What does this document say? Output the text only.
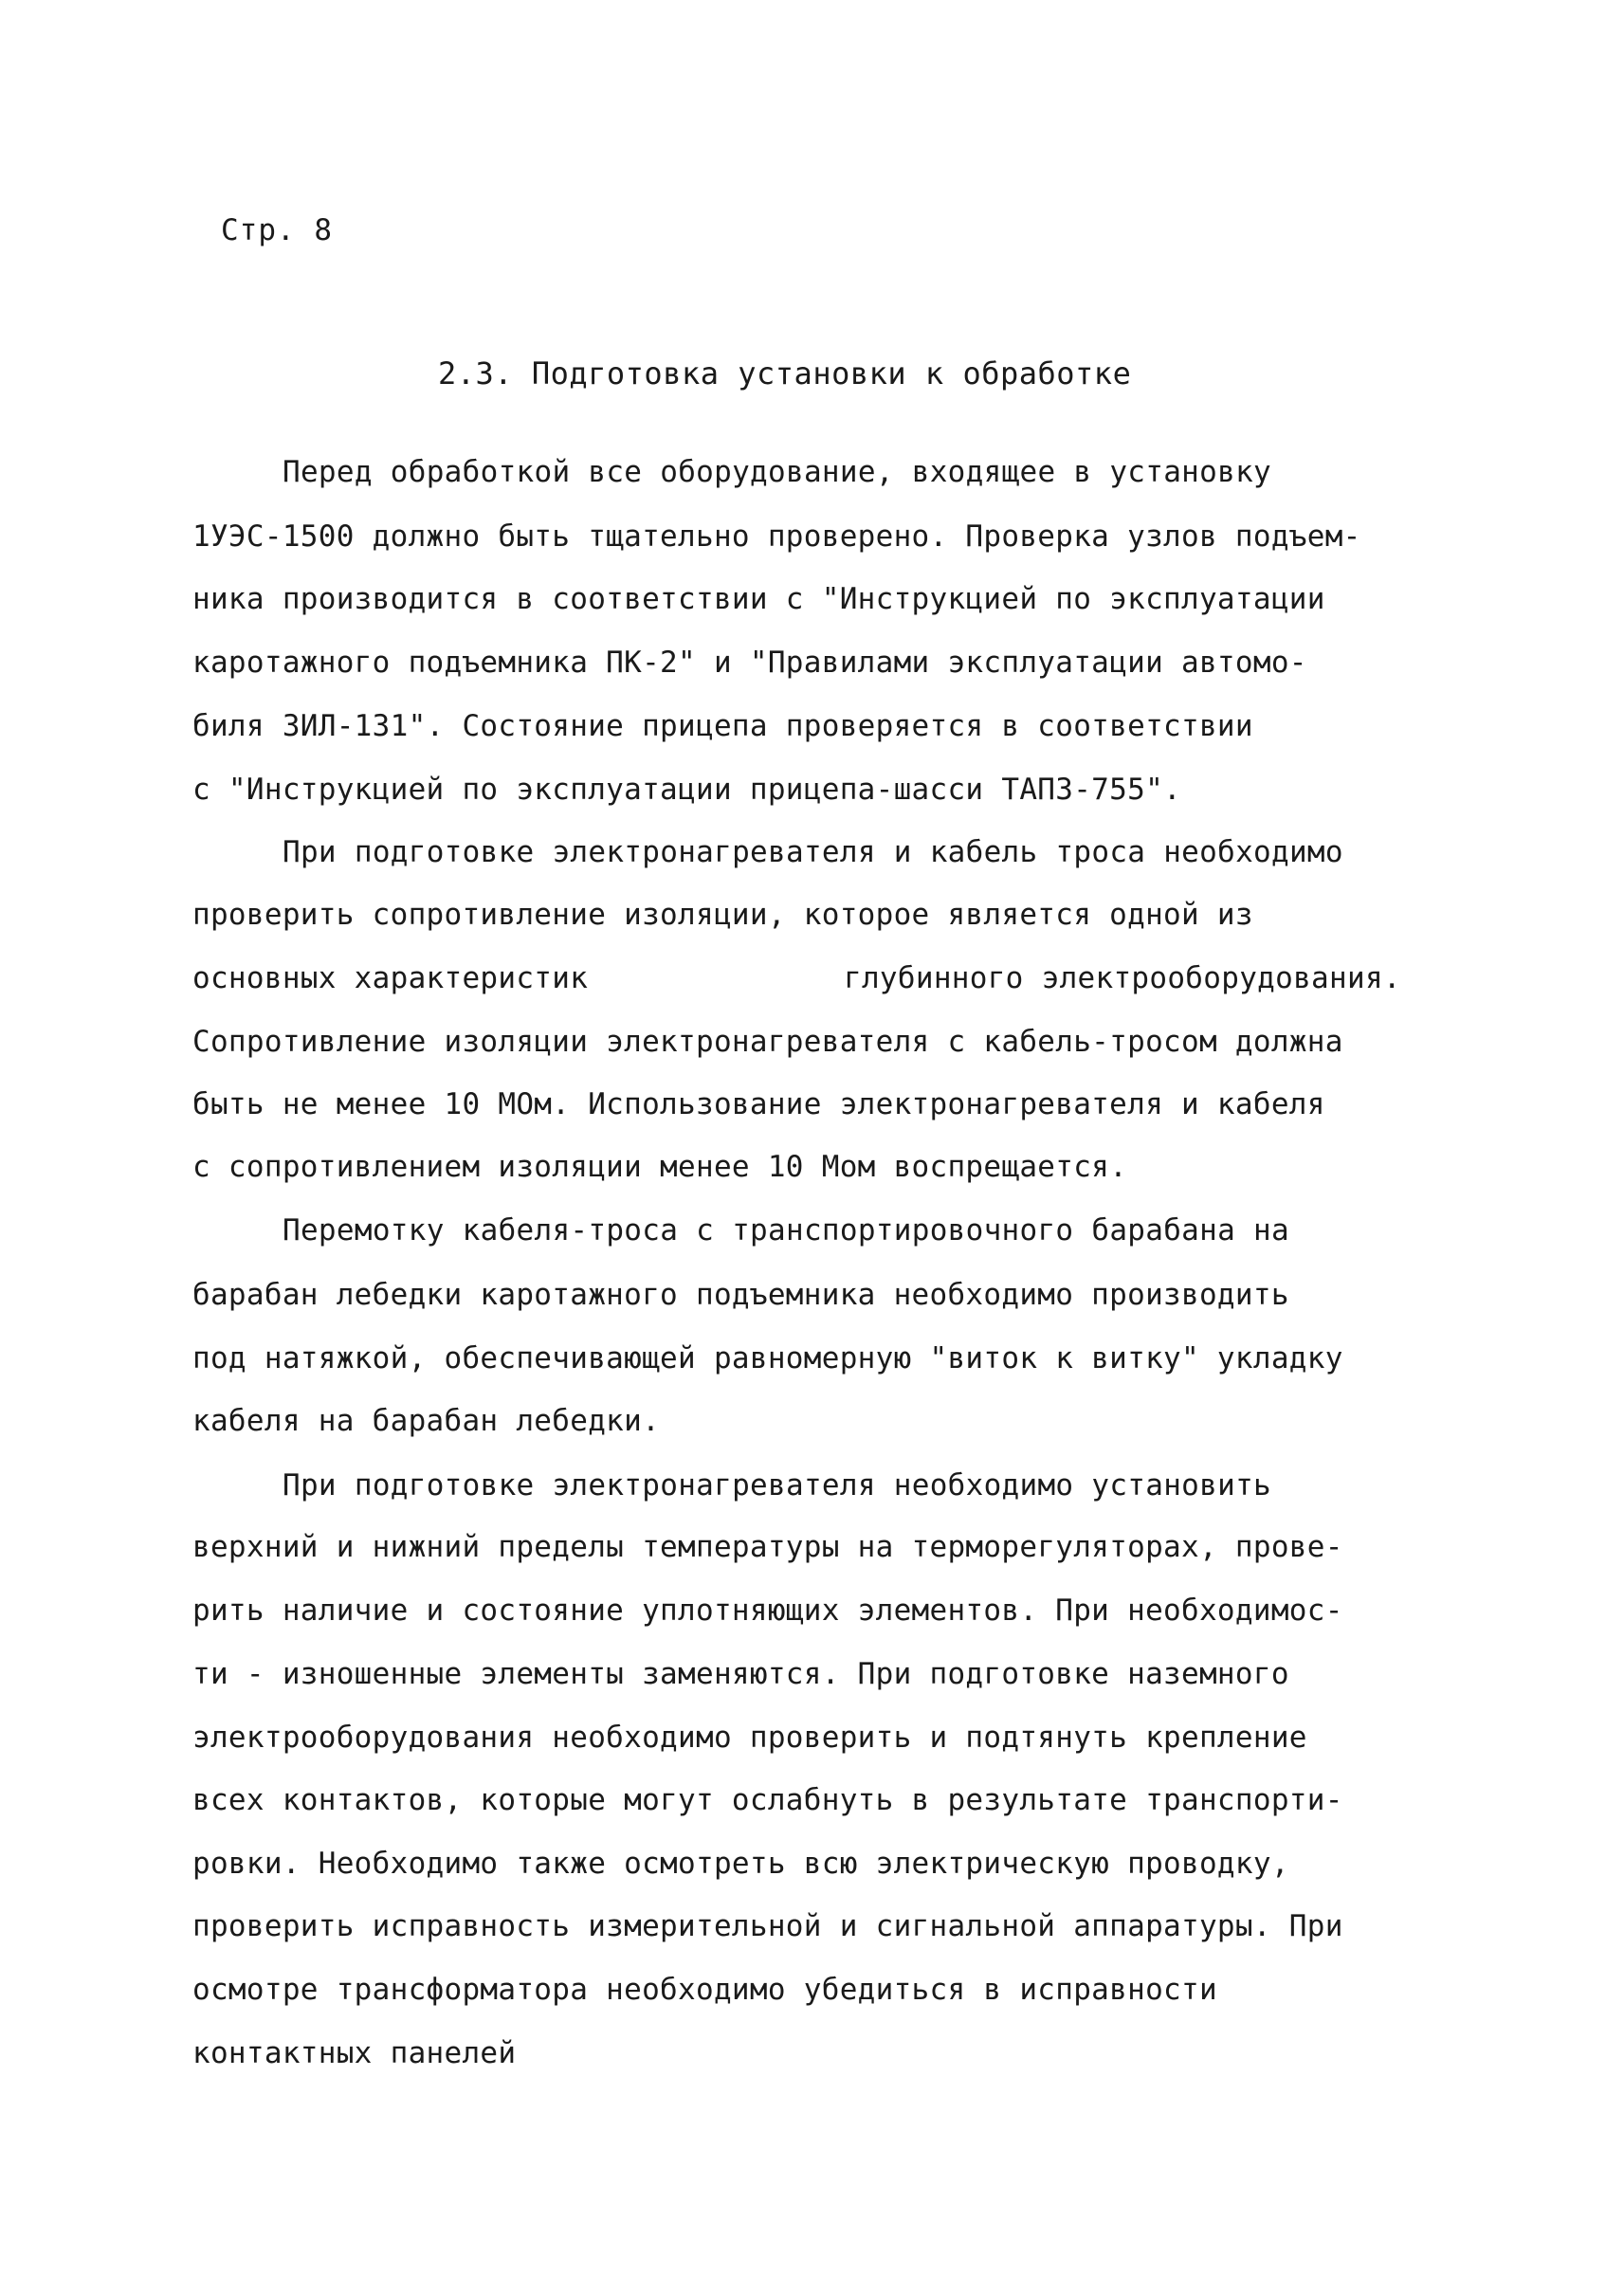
Стр. 8
2.3. Подготовка установки к обработке
Перед обработкой все оборудование, входящее в установку
1УЭС-1500 должно быть тщательно проверено. Проверка узлов подъем-
ника производится в соответствии с "Инструкцией по эксплуатации
каротажного подъемника ПК-2" и "Правилами эксплуатации автомо-
биля ЗИЛ-131". Состояние прицепа проверяется в соответствии
с "Инструкцией по эксплуатации прицепа-шасси ТАПЗ-755".
При подготовке электронагревателя и кабель троса необходимо
проверить сопротивление изоляции, которое является одной из
основных характеристик	глубинного электрооборудования.
Сопротивление изоляции электронагревателя с кабель-тросом должна
быть не менее 10 МОм. Использование электронагревателя и кабеля
с сопротивлением изоляции менее 10 Мом воспрещается.
Перемотку кабеля-троса с транспортировочного барабана на
барабан лебедки каротажного подъемника необходимо производить
под натяжкой, обеспечивающей равномерную "виток к витку" укладку
кабеля на барабан лебедки.
При подготовке электронагревателя необходимо установить
верхний и нижний пределы температуры на терморегуляторах, прове-
рить наличие и состояние уплотняющих элементов. При необходимос-
ти - изношенные элементы заменяются. При подготовке наземного
электрооборудования необходимо проверить и подтянуть крепление
всех контактов, которые могут ослабнуть в результате транспорти-
ровки. Необходимо также осмотреть всю электрическую проводку,
проверить исправность измерительной и сигнальной аппаратуры. При
осмотре трансформатора необходимо убедиться в исправности
контактных панелей
